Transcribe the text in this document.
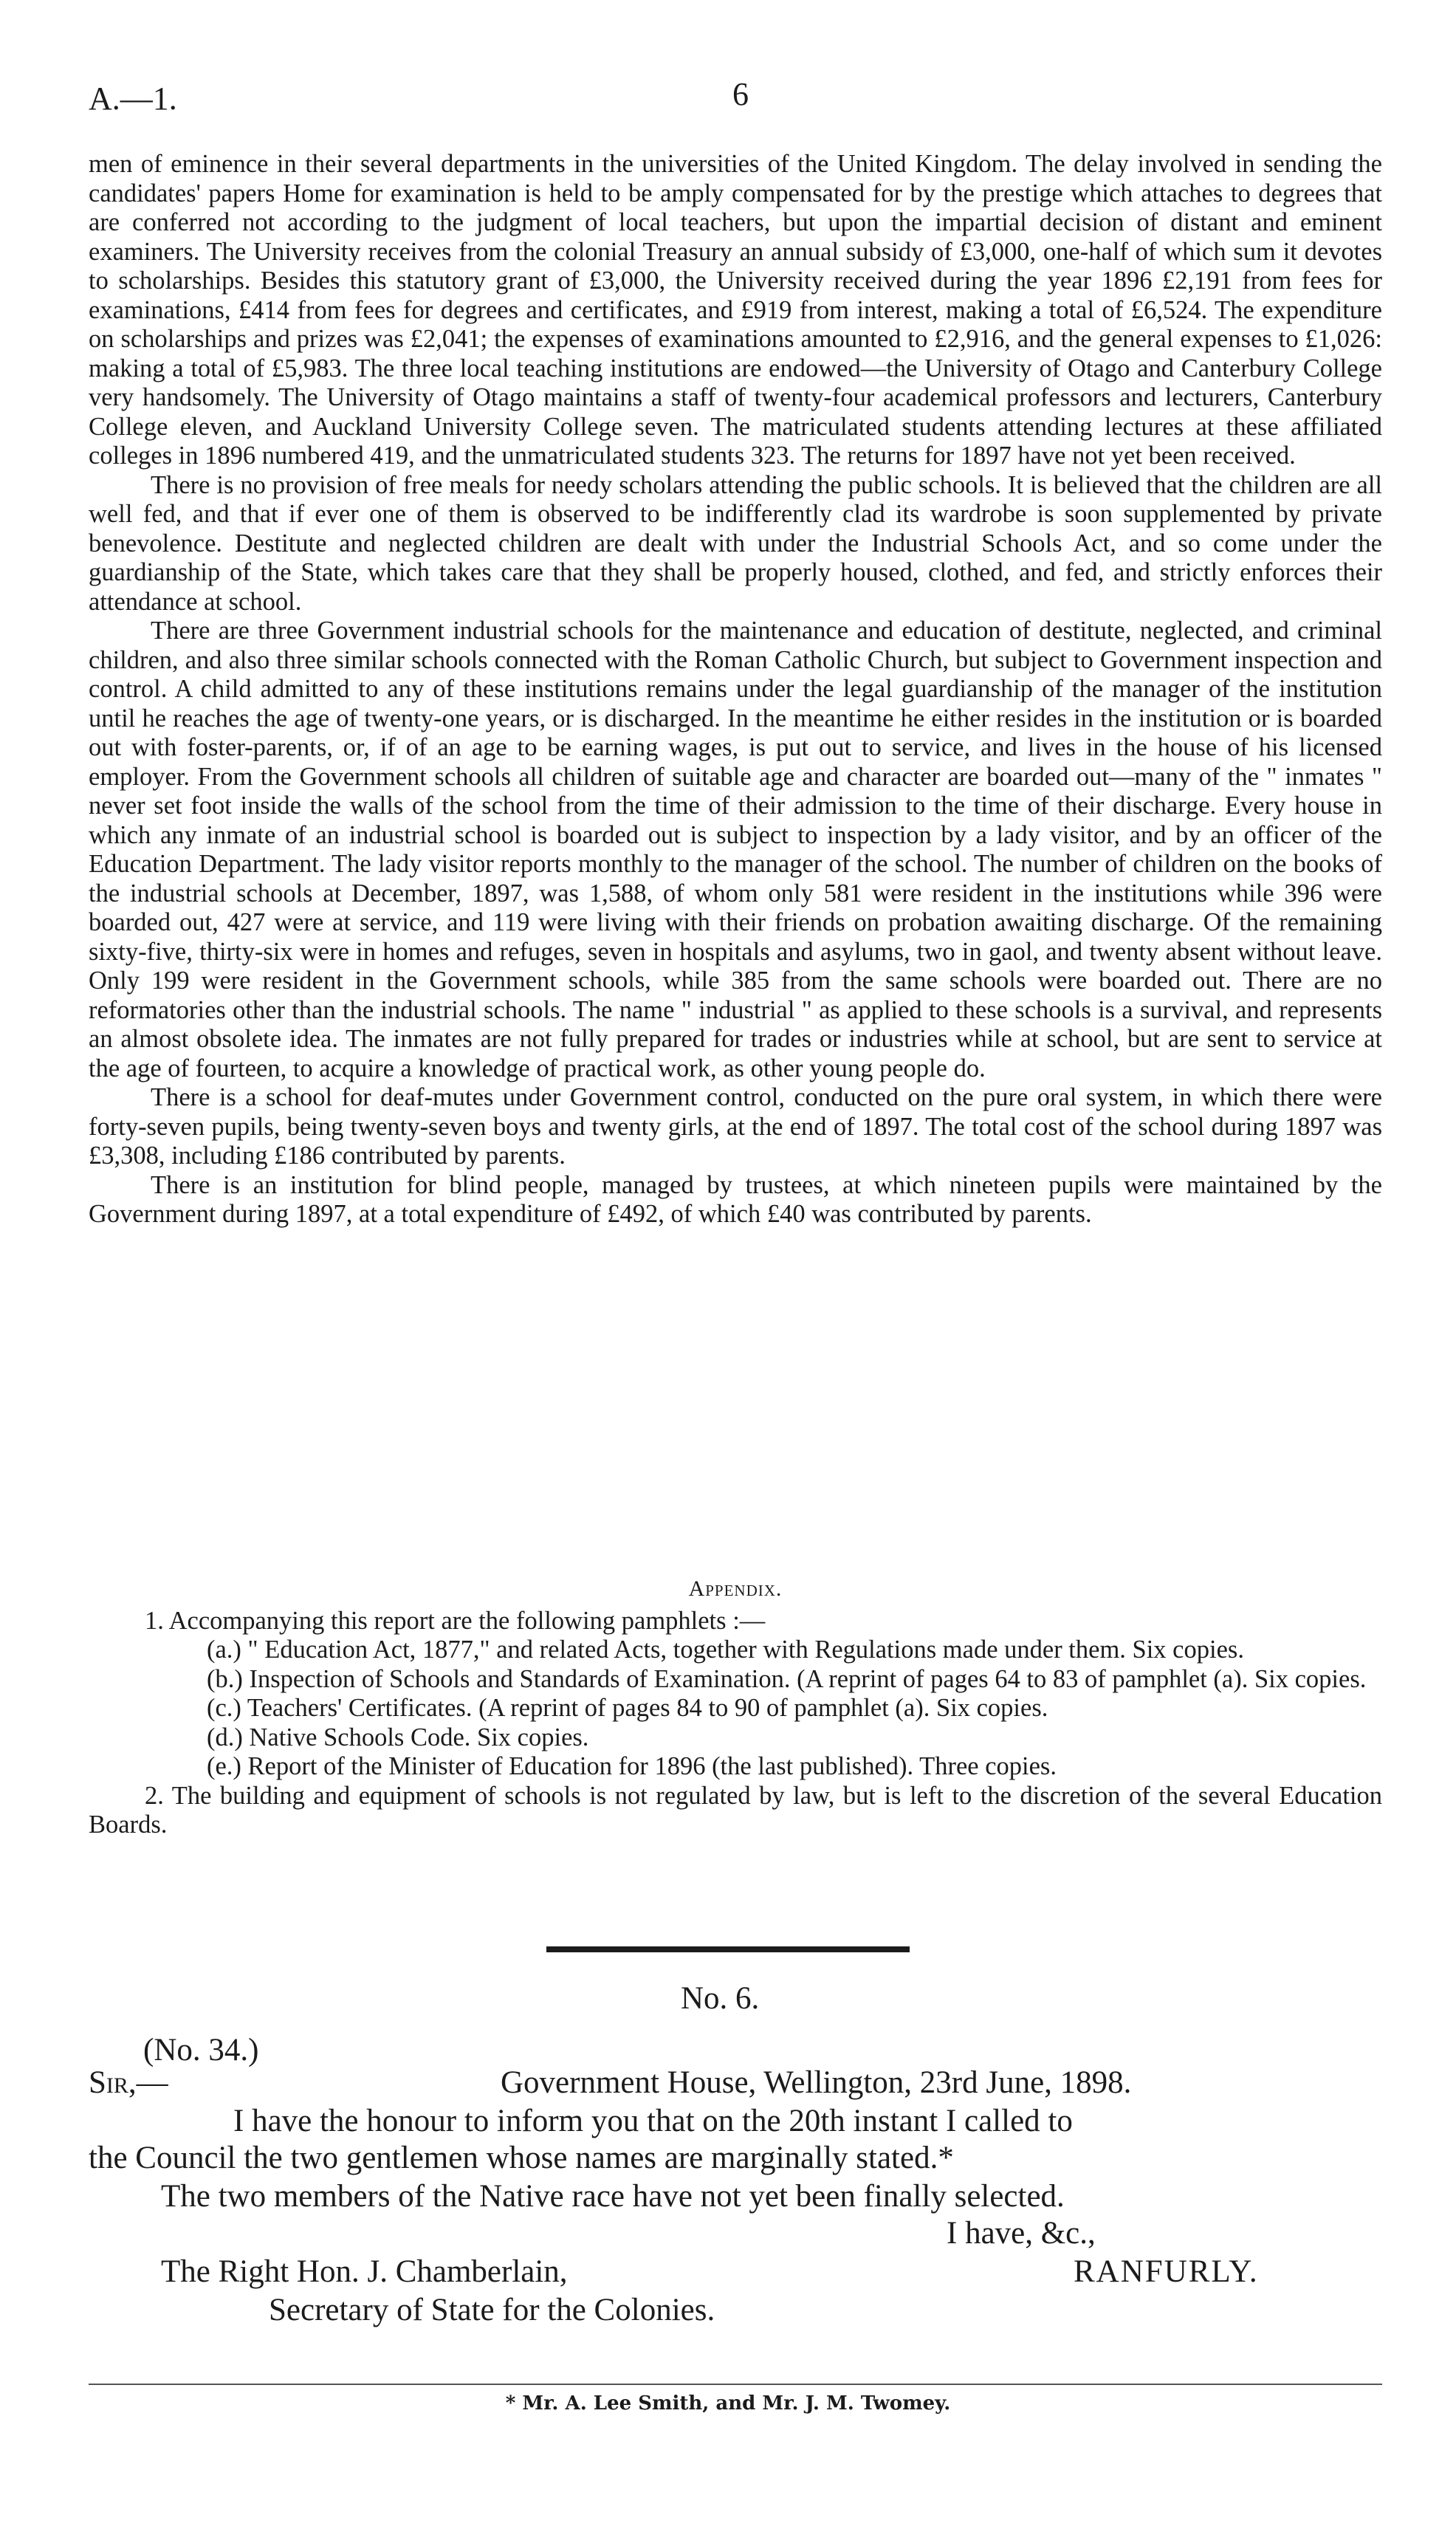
A.—1.	6

men of eminence in their several departments in the universities of the United Kingdom. The delay involved in sending the candidates' papers Home for examination is held to be amply compensated for by the prestige which attaches to degrees that are conferred not according to the judgment of local teachers, but upon the impartial decision of distant and eminent examiners. The University receives from the colonial Treasury an annual subsidy of £3,000, one-half of which sum it devotes to scholarships. Besides this statutory grant of £3,000, the University received during the year 1896 £2,191 from fees for examinations, £414 from fees for degrees and certificates, and £919 from interest, making a total of £6,524. The expenditure on scholarships and prizes was £2,041; the expenses of examinations amounted to £2,916, and the general expenses to £1,026: making a total of £5,983. The three local teaching institutions are endowed—the University of Otago and Canterbury College very handsomely. The University of Otago maintains a staff of twenty-four academical professors and lecturers, Canterbury College eleven, and Auckland University College seven. The matriculated students attending lectures at these affiliated colleges in 1896 numbered 419, and the unmatriculated students 323. The returns for 1897 have not yet been received.

There is no provision of free meals for needy scholars attending the public schools. It is believed that the children are all well fed, and that if ever one of them is observed to be indifferently clad its wardrobe is soon supplemented by private benevolence. Destitute and neglected children are dealt with under the Industrial Schools Act, and so come under the guardianship of the State, which takes care that they shall be properly housed, clothed, and fed, and strictly enforces their attendance at school.

There are three Government industrial schools for the maintenance and education of destitute, neglected, and criminal children, and also three similar schools connected with the Roman Catholic Church, but subject to Government inspection and control. A child admitted to any of these institutions remains under the legal guardianship of the manager of the institution until he reaches the age of twenty-one years, or is discharged. In the meantime he either resides in the institution or is boarded out with foster-parents, or, if of an age to be earning wages, is put out to service, and lives in the house of his licensed employer. From the Government schools all children of suitable age and character are boarded out—many of the " inmates " never set foot inside the walls of the school from the time of their admission to the time of their discharge. Every house in which any inmate of an industrial school is boarded out is subject to inspection by a lady visitor, and by an officer of the Education Department. The lady visitor reports monthly to the manager of the school. The number of children on the books of the industrial schools at December, 1897, was 1,588, of whom only 581 were resident in the institutions while 396 were boarded out, 427 were at service, and 119 were living with their friends on probation awaiting discharge. Of the remaining sixty-five, thirty-six were in homes and refuges, seven in hospitals and asylums, two in gaol, and twenty absent without leave. Only 199 were resident in the Government schools, while 385 from the same schools were boarded out. There are no reformatories other than the industrial schools. The name " industrial " as applied to these schools is a survival, and represents an almost obsolete idea. The inmates are not fully prepared for trades or industries while at school, but are sent to service at the age of fourteen, to acquire a knowledge of practical work, as other young people do.

There is a school for deaf-mutes under Government control, conducted on the pure oral system, in which there were forty-seven pupils, being twenty-seven boys and twenty girls, at the end of 1897. The total cost of the school during 1897 was £3,308, including £186 contributed by parents.

There is an institution for blind people, managed by trustees, at which nineteen pupils were maintained by the Government during 1897, at a total expenditure of £492, of which £40 was contributed by parents.

Appendix.

1. Accompanying this report are the following pamphlets :—

(a.) " Education Act, 1877," and related Acts, together with Regulations made under them. Six copies.

(b.) Inspection of Schools and Standards of Examination. (A reprint of pages 64 to 83 of pamphlet (a). Six copies.

(c.) Teachers' Certificates. (A reprint of pages 84 to 90 of pamphlet (a). Six copies.

(d.) Native Schools Code. Six copies.

(e.) Report of the Minister of Education for 1896 (the last published). Three copies.

2. The building and equipment of schools is not regulated by law, but is left to the discretion of the several Education Boards.

No. 6.
(No. 34.)
Sir,—	Government House, Wellington, 23rd June, 1898.
I have the honour to inform you that on the 20th instant I called to
the Council the two gentlemen whose names are marginally stated.*
The two members of the Native race have not yet been finally selected.
I have, &c.,
The Right Hon. J. Chamberlain,	RANFURLY.
Secretary of State for the Colonies.
* Mr. A. Lee Smith, and Mr. J. M. Twomey.
